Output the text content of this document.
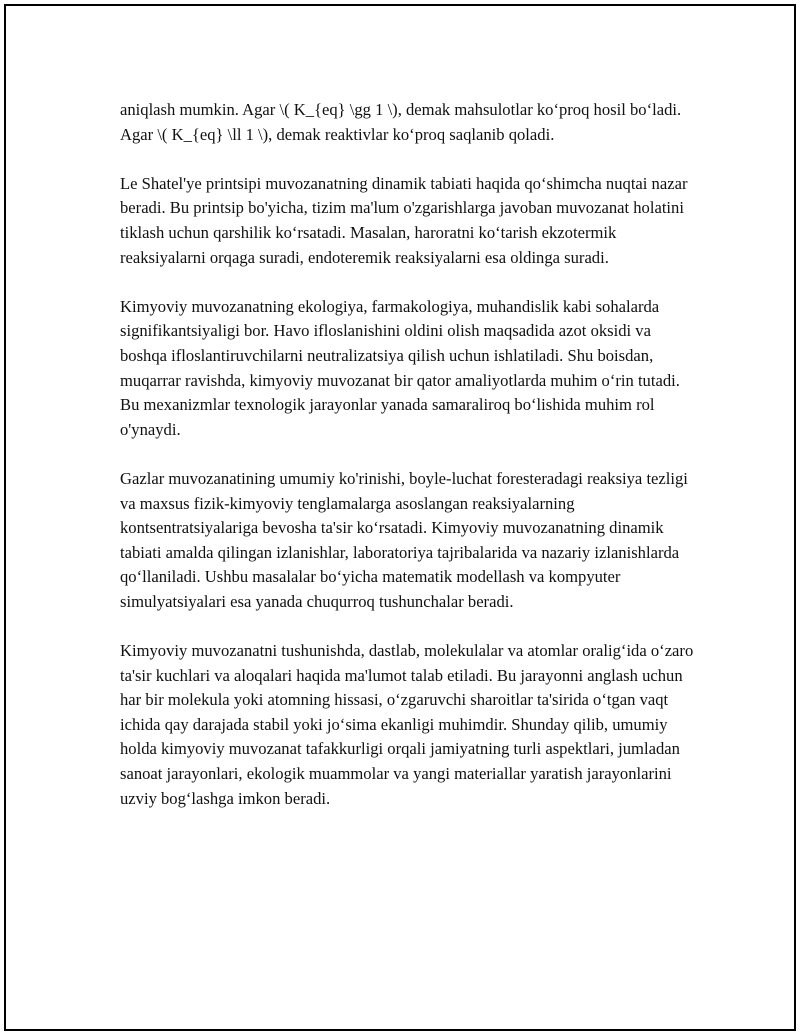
aniqlash mumkin. Agar \( K_{eq} \gg 1 \), demak mahsulotlar ko‘proq hosil bo‘ladi. Agar \( K_{eq} \ll 1 \), demak reaktivlar ko‘proq saqlanib qoladi.

Le Shatel'ye printsipi muvozanatning dinamik tabiati haqida qo‘shimcha nuqtai nazar beradi. Bu printsip bo'yicha, tizim ma'lum o'zgarishlarga javoban muvozanat holatini tiklash uchun qarshilik ko‘rsatadi. Masalan, haroratni ko‘tarish ekzotermik reaksiyalarni orqaga suradi, endoteremik reaksiyalarni esa oldinga suradi.

Kimyoviy muvozanatning ekologiya, farmakologiya, muhandislik kabi sohalarda signifikantsiyaligi bor. Havo ifloslanishini oldini olish maqsadida azot oksidi va boshqa ifloslantiruvchilarni neutralizatsiya qilish uchun ishlatiladi. Shu boisdan, muqarrar ravishda, kimyoviy muvozanat bir qator amaliyotlarda muhim o‘rin tutadi. Bu mexanizmlar texnologik jarayonlar yanada samaraliroq bo‘lishida muhim rol o'ynaydi.

Gazlar muvozanatining umumiy ko'rinishi, boyle-luchat foresteradagi reaksiya tezligi va maxsus fizik-kimyoviy tenglamalarga asoslangan reaksiyalarning kontsentratsiyalariga bevosha ta'sir ko‘rsatadi. Kimyoviy muvozanatning dinamik tabiati amalda qilingan izlanishlar, laboratoriya tajribalarida va nazariy izlanishlarda qo‘llaniladi. Ushbu masalalar bo‘yicha matematik modellash va kompyuter simulyatsiyalari esa yanada chuqurroq tushunchalar beradi.

Kimyoviy muvozanatni tushunishda, dastlab, molekulalar va atomlar oralig‘ida o‘zaro ta'sir kuchlari va aloqalari haqida ma'lumot talab etiladi. Bu jarayonni anglash uchun har bir molekula yoki atomning hissasi, o‘zgaruvchi sharoitlar ta'sirida o‘tgan vaqt ichida qay darajada stabil yoki jo‘sima ekanligi muhimdir. Shunday qilib, umumiy holda kimyoviy muvozanat tafakkurligi orqali jamiyatning turli aspektlari, jumladan sanoat jarayonlari, ekologik muammolar va yangi materiallar yaratish jarayonlarini uzviy bog‘lashga imkon beradi.
